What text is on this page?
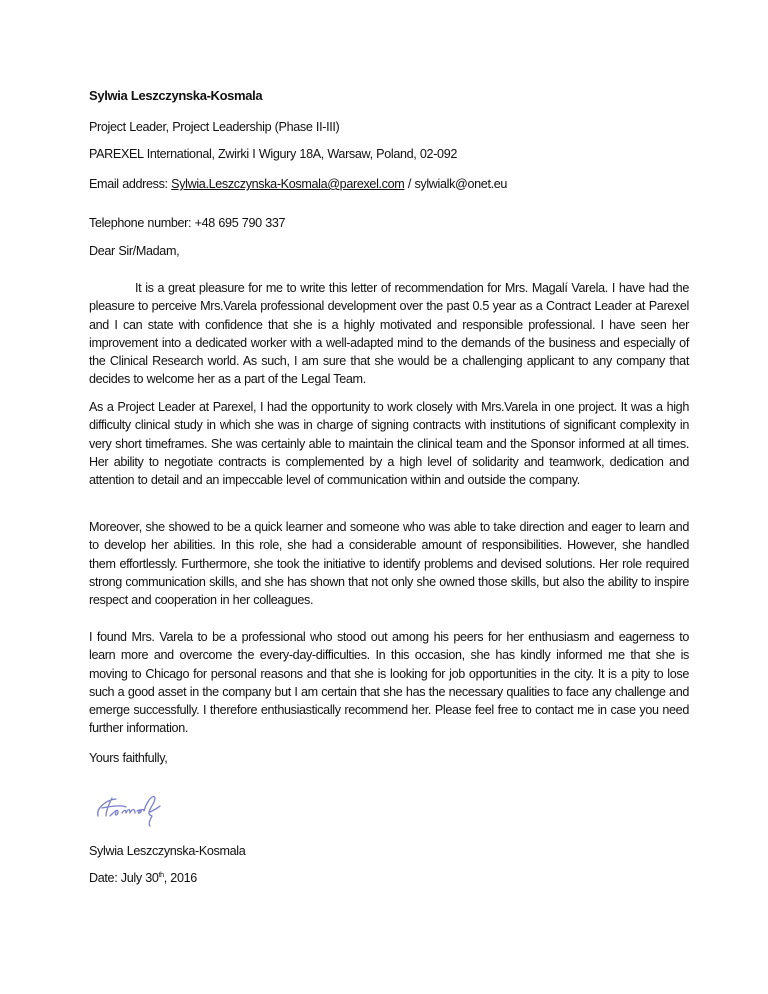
Sylwia Leszczynska-Kosmala
Project Leader, Project Leadership (Phase II-III)
PAREXEL International, Zwirki I Wigury 18A, Warsaw, Poland, 02-092
Email address: Sylwia.Leszczynska-Kosmala@parexel.com / sylwialk@onet.eu
Telephone number: +48 695 790 337
Dear Sir/Madam,

It is a great pleasure for me to write this letter of recommendation for Mrs. Magalí Varela. I have had the pleasure to perceive Mrs.Varela professional development over the past 0.5 year as a Contract Leader at Parexel and I can state with confidence that she is a highly motivated and responsible professional. I have seen her improvement into a dedicated worker with a well-adapted mind to the demands of the business and especially of the Clinical Research world. As such, I am sure that she would be a challenging applicant to any company that decides to welcome her as a part of the Legal Team.

As a Project Leader at Parexel, I had the opportunity to work closely with Mrs.Varela in one project. It was a high difficulty clinical study in which she was in charge of signing contracts with institutions of significant complexity in very short timeframes. She was certainly able to maintain the clinical team and the Sponsor informed at all times. Her ability to negotiate contracts is complemented by a high level of solidarity and teamwork, dedication and attention to detail and an impeccable level of communication within and outside the company.

Moreover, she showed to be a quick learner and someone who was able to take direction and eager to learn and to develop her abilities. In this role, she had a considerable amount of responsibilities. However, she handled them effortlessly. Furthermore, she took the initiative to identify problems and devised solutions. Her role required strong communication skills, and she has shown that not only she owned those skills, but also the ability to inspire respect and cooperation in her colleagues.

I found Mrs. Varela to be a professional who stood out among his peers for her enthusiasm and eagerness to learn more and overcome the every-day-difficulties. In this occasion, she has kindly informed me that she is moving to Chicago for personal reasons and that she is looking for job opportunities in the city. It is a pity to lose such a good asset in the company but I am certain that she has the necessary qualities to face any challenge and emerge successfully. I therefore enthusiastically recommend her. Please feel free to contact me in case you need further information.

Yours faithfully,
Sylwia Leszczynska-Kosmala
Date: July 30th, 2016
